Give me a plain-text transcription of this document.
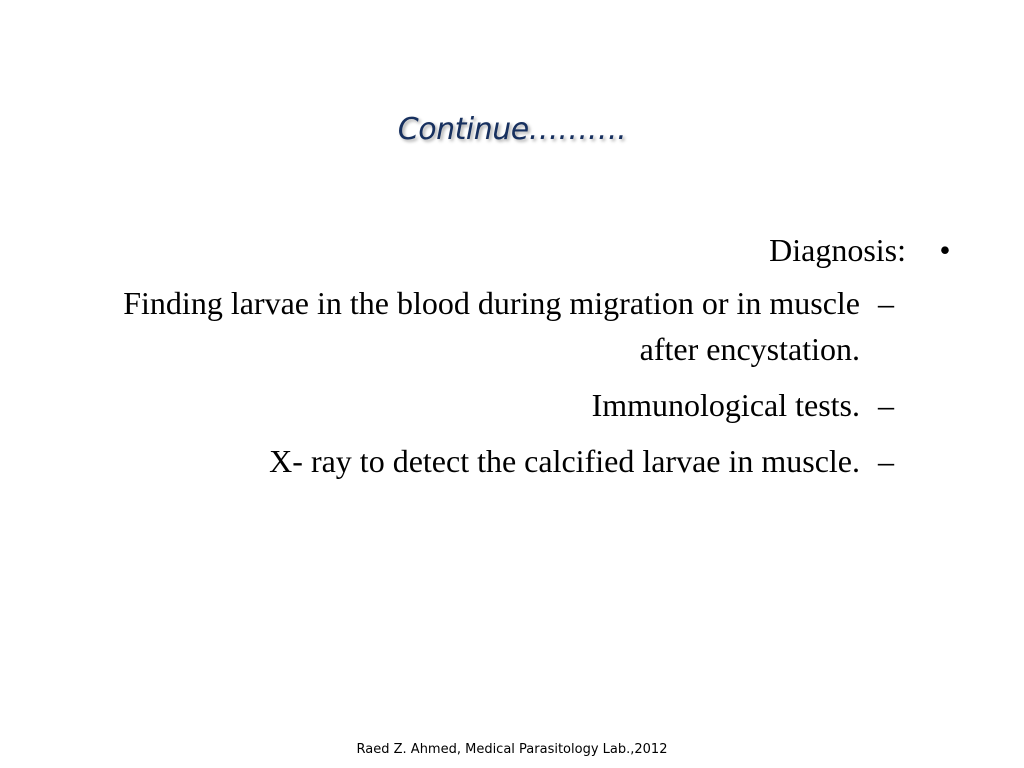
Continue……….
Diagnosis: •
Finding larvae in the blood during migration or in muscle after encystation.
–
Immunological tests. –
X- ray to detect the calcified larvae in muscle. –
Raed Z. Ahmed, Medical Parasitology Lab.,2012
